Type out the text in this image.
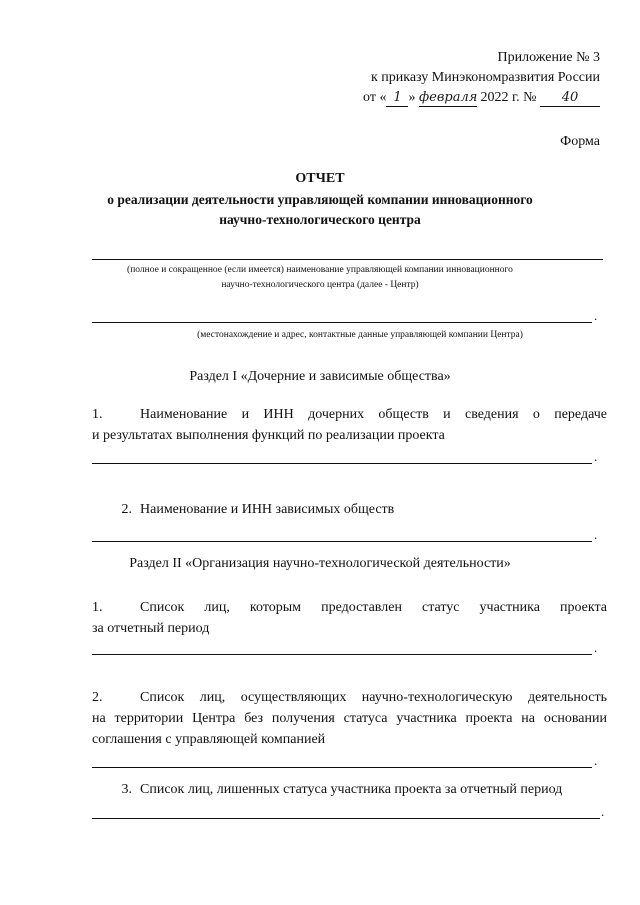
Приложение № 3
к приказу Минэкономразвития России
от « 1 » февраля 2022 г. № 40
Форма
ОТЧЕТ
о реализации деятельности управляющей компании инновационного
научно-технологического центра
(полное и сокращенное (если имеется) наименование управляющей компании инновационного
научно-технологического центра (далее - Центр)
.
(местонахождение и адрес, контактные данные управляющей компании Центра)
Раздел I «Дочерние и зависимые общества»
1.	Наименование и ИНН дочерних обществ и сведения о передаче
и результатах выполнения функций по реализации проекта
.
2. Наименование и ИНН зависимых обществ
.
Раздел II «Организация научно-технологической деятельности»
1.	Список лиц, которым предоставлен статус участника проекта
за отчетный период
.
2.	Список лиц, осуществляющих научно-технологическую деятельность
на территории Центра без получения статуса участника проекта на основании
соглашения с управляющей компанией
.
3. Список лиц, лишенных статуса участника проекта за отчетный период
.
